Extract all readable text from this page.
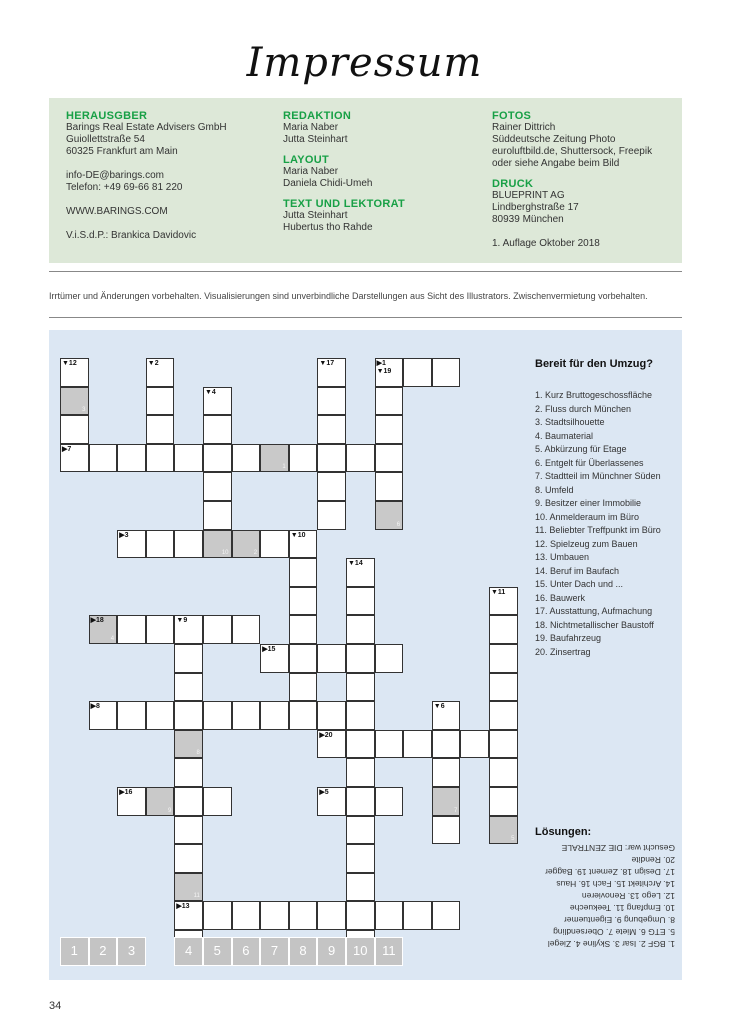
Impressum
HERAUSGBER

Barings Real Estate Advisers GmbH

Guiollettstraße 54

60325 Frankfurt am Main

info-DE@barings.com

Telefon: +49 69-66 81 220

WWW.BARINGS.COM

V.i.S.d.P.: Brankica Davidovic

REDAKTION

Maria Naber

Jutta Steinhart

LAYOUT

Maria Naber

Daniela Chidi-Umeh

TEXT UND LEKTORAT

Jutta Steinhart

Hubertus tho Rahde

FOTOS

Rainer Dittrich

Süddeutsche Zeitung Photo

euroluftbild.de, Shuttersock, Freepik

oder siehe Angabe beim Bild

DRUCK

BLUEPRINT AG

Lindberghstraße 17

80939 München

1. Auflage Oktober 2018

Irrtümer und Änderungen vorbehalten. Visualisierungen sind unverbindliche Darstellungen aus Sicht des Illustrators. Zwischenvermietung vorbehalten.
▶7
1
▼12
3
▼2
▼4
10
▼17	▶1
▼19
6
▶3
2
▼10
▼14
▼11
5
▶18
4
▼9
8
11
▶13
▶15
▶8	▼6
7
▶20
▶16
9
▶5
1	2	3	4	5	6	7	8	9	10	11
Bereit für den Umzug?
1. Kurz Bruttogeschossfläche
2. Fluss durch München
3. Stadtsilhouette
4. Baumaterial
5. Abkürzung für Etage
6. Entgelt für Überlassenes
7. Stadtteil im Münchner Süden
8. Umfeld
9. Besitzer einer Immobilie
10. Anmelderaum im Büro
11. Beliebter Treffpunkt im Büro
12. Spielzeug zum Bauen
13. Umbauen
14. Beruf im Baufach
15. Unter Dach und ...
16. Bauwerk
17. Ausstattung, Aufmachung
18. Nichtmetallischer Baustoff
19. Baufahrzeug
20. Zinsertrag
Lösungen:

1. BGF 2. Isar 3. Skyline 4. Ziegel

5. ETG 6. Miete 7. Obersendling

8. Umgebung 9. Eigentuemer

10. Empfang 11. Teekueche

12. Lego 13. Renovieren

14. Architekt 15. Fach 16. Haus

17. Design 18. Zement 19. Bagger

20. Rendite

Gesucht war: DIE ZENTRALE

34
